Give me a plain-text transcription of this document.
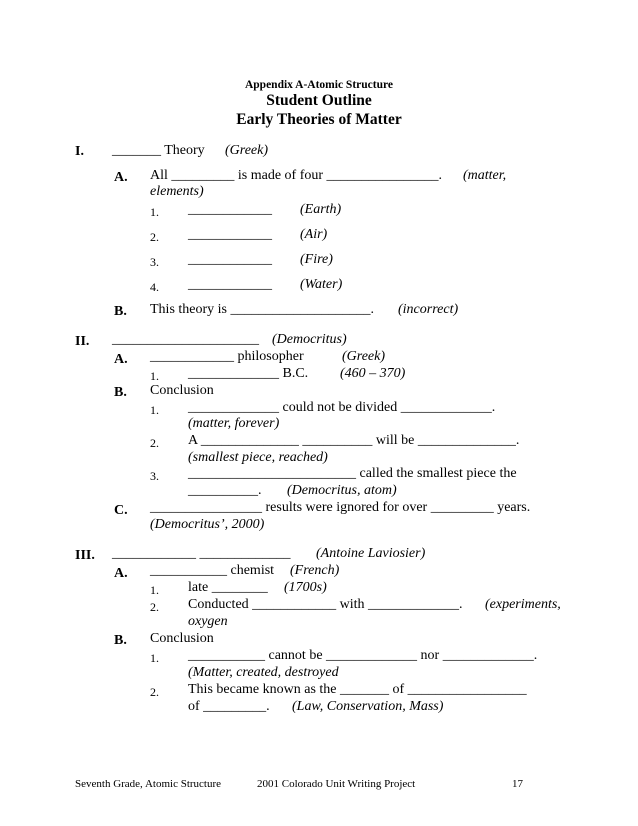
Appendix A-Atomic Structure
Student Outline
Early Theories of Matter
I. _______ Theory (Greek)
A. All _________ is made of four ________________. (matter,
elements)
1. ____________ (Earth)
2. ____________ (Air)
3. ____________ (Fire)
4. ____________ (Water)
B. This theory is ____________________. (incorrect)
II. _____________________ (Democritus)
A. ____________ philosopher	(Greek)
1. _____________ B.C. (460 – 370)
B. Conclusion
1. _____________ could not be divided _____________.
(matter, forever)
2. A ______________ __________ will be ______________.
(smallest piece, reached)
3. ________________________ called the smallest piece the
__________. (Democritus, atom)
C. ________________ results were ignored for over _________ years.
(Democritus’, 2000)
III. ____________ _____________ (Antoine Laviosier)
A. ___________ chemist (French)
1. late ________ (1700s)
2. Conducted ____________ with _____________. (experiments,
oxygen
B. Conclusion
1. ___________ cannot be _____________ nor _____________.
(Matter, created, destroyed
2. This became known as the _______ of _________________
of _________. (Law, Conservation, Mass)
Seventh Grade, Atomic Structure	2001 Colorado Unit Writing Project	17
